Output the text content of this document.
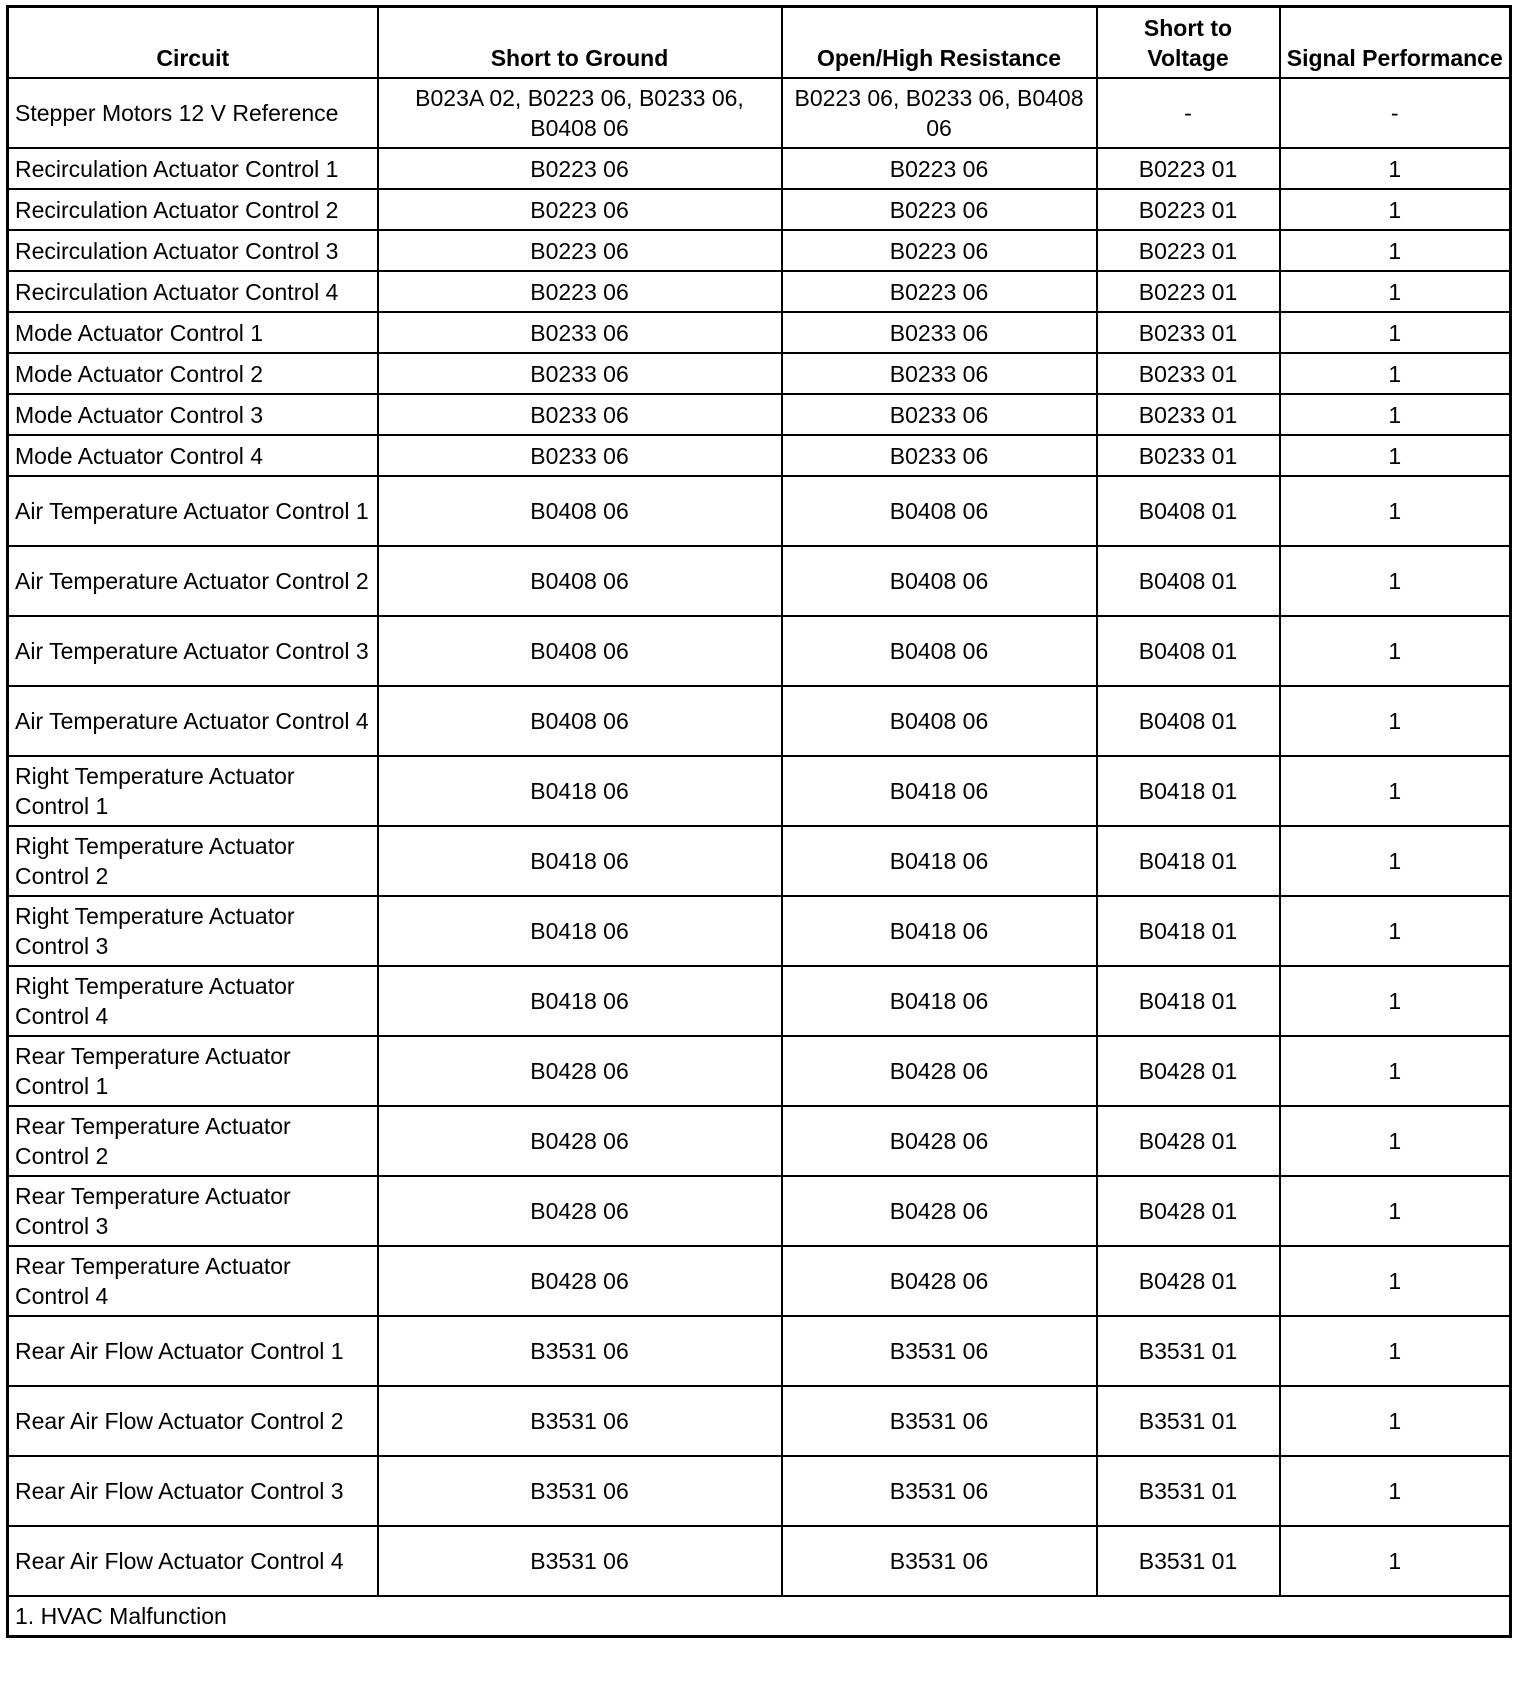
Circuit	Short to Ground	Open/High Resistance	Short to Voltage	Signal Performance
Stepper Motors 12 V Reference	B023A 02, B0223 06, B0233 06, B0408 06	B0223 06, B0233 06, B0408 06	-	-
Recirculation Actuator Control 1	B0223 06	B0223 06	B0223 01	1
Recirculation Actuator Control 2	B0223 06	B0223 06	B0223 01	1
Recirculation Actuator Control 3	B0223 06	B0223 06	B0223 01	1
Recirculation Actuator Control 4	B0223 06	B0223 06	B0223 01	1
Mode Actuator Control 1	B0233 06	B0233 06	B0233 01	1
Mode Actuator Control 2	B0233 06	B0233 06	B0233 01	1
Mode Actuator Control 3	B0233 06	B0233 06	B0233 01	1
Mode Actuator Control 4	B0233 06	B0233 06	B0233 01	1
Air Temperature Actuator Control 1	B0408 06	B0408 06	B0408 01	1
Air Temperature Actuator Control 2	B0408 06	B0408 06	B0408 01	1
Air Temperature Actuator Control 3	B0408 06	B0408 06	B0408 01	1
Air Temperature Actuator Control 4	B0408 06	B0408 06	B0408 01	1
Right Temperature Actuator Control 1	B0418 06	B0418 06	B0418 01	1
Right Temperature Actuator Control 2	B0418 06	B0418 06	B0418 01	1
Right Temperature Actuator Control 3	B0418 06	B0418 06	B0418 01	1
Right Temperature Actuator Control 4	B0418 06	B0418 06	B0418 01	1
Rear Temperature Actuator Control 1	B0428 06	B0428 06	B0428 01	1
Rear Temperature Actuator Control 2	B0428 06	B0428 06	B0428 01	1
Rear Temperature Actuator Control 3	B0428 06	B0428 06	B0428 01	1
Rear Temperature Actuator Control 4	B0428 06	B0428 06	B0428 01	1
Rear Air Flow Actuator Control 1	B3531 06	B3531 06	B3531 01	1
Rear Air Flow Actuator Control 2	B3531 06	B3531 06	B3531 01	1
Rear Air Flow Actuator Control 3	B3531 06	B3531 06	B3531 01	1
Rear Air Flow Actuator Control 4	B3531 06	B3531 06	B3531 01	1
1. HVAC Malfunction				
